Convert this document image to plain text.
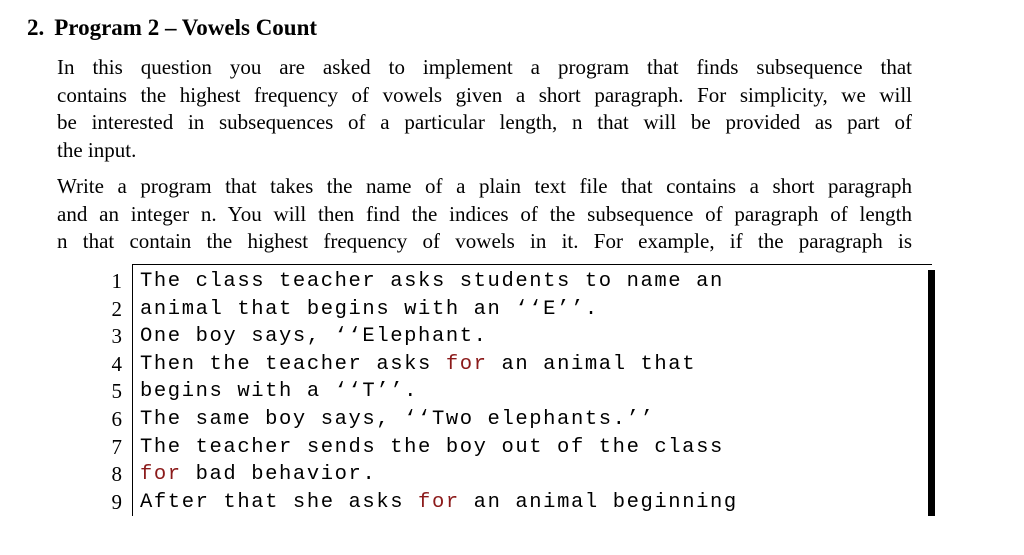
2. Program 2 – Vowels Count
In this question you are asked to implement a program that finds subsequence that
contains the highest frequency of vowels given a short paragraph. For simplicity, we will
be interested in subsequences of a particular length, n that will be provided as part of
the input.
Write a program that takes the name of a plain text file that contains a short paragraph
and an integer n. You will then find the indices of the subsequence of paragraph of length
n that contain the highest frequency of vowels in it. For example, if the paragraph is
1 The class teacher asks students to name an
2 animal that begins with an ‘‘E’’.
3 One boy says, ‘‘Elephant.
4 Then the teacher asks for an animal that
5 begins with a ‘‘T’’.
6 The same boy says, ‘‘Two elephants.’’
7 The teacher sends the boy out of the class
8 for bad behavior.
9 After that she asks for an animal beginning
